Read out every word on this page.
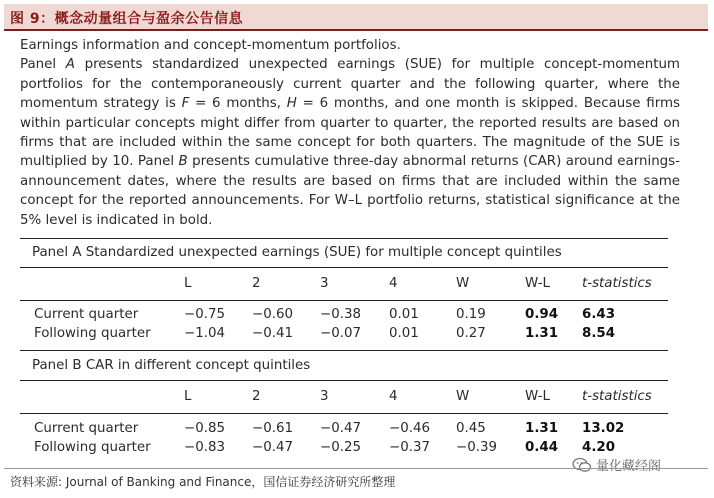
图 9：概念动量组合与盈余公告信息

Earnings information and concept-momentum portfolios.

Panel A presents standardized unexpected earnings (SUE) for multiple concept-momentum portfolios for the contemporaneously current quarter and the following quarter, where the momentum strategy is F = 6 months, H = 6 months, and one month is skipped. Because firms within particular concepts might differ from quarter to quarter, the reported results are based on firms that are included within the same concept for both quarters. The magnitude of the SUE is multiplied by 10. Panel B presents cumulative three-day abnormal returns (CAR) around earnings-announcement dates, where the results are based on firms that are included within the same concept for the reported announcements. For W–L portfolio returns, statistical significance at the 5% level is indicated in bold.

Panel A Standardized unexpected earnings (SUE) for multiple concept quintiles
L	2	3	4	W	W-L t-statistics
Current quarter	−0.75 −0.60 −0.38 0.01	0.19	0.94 6.43
Following quarter −1.04 −0.41 −0.07 0.01	0.27	1.31 8.54
Panel B CAR in different concept quintiles
L	2	3	4	W	W-L t-statistics
Current quarter	−0.85 −0.61 −0.47 −0.46 0.45	1.31 13.02
Following quarter −0.83 −0.47 −0.25 −0.37 −0.39 0.44 4.20
量化藏经阁
资料来源: Journal of Banking and Finance，国信证券经济研究所整理
